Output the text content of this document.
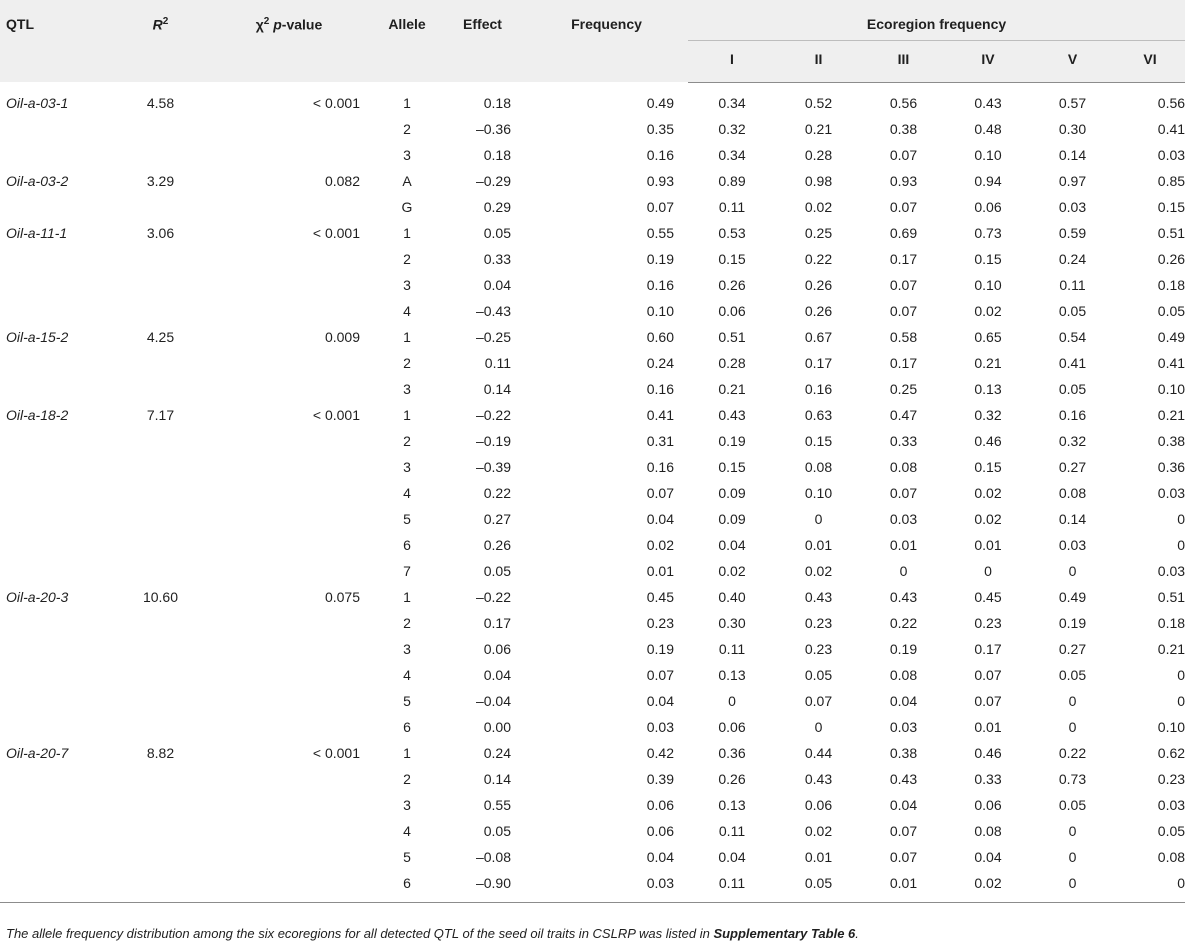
QTL	$R^2$	$\chi^2$ p-value	Allele	Effect	Frequency	Ecoregion frequency					
						I	II	III	IV	V	VI
Oil-a-03-1	4.58	< 0.001	1	0.18	0.49	0.34	0.52	0.56	0.43	0.57	0.56
			2	–0.36	0.35	0.32	0.21	0.38	0.48	0.30	0.41
			3	0.18	0.16	0.34	0.28	0.07	0.10	0.14	0.03
Oil-a-03-2	3.29	0.082	A	–0.29	0.93	0.89	0.98	0.93	0.94	0.97	0.85
			G	0.29	0.07	0.11	0.02	0.07	0.06	0.03	0.15
Oil-a-11-1	3.06	< 0.001	1	0.05	0.55	0.53	0.25	0.69	0.73	0.59	0.51
			2	0.33	0.19	0.15	0.22	0.17	0.15	0.24	0.26
			3	0.04	0.16	0.26	0.26	0.07	0.10	0.11	0.18
			4	–0.43	0.10	0.06	0.26	0.07	0.02	0.05	0.05
Oil-a-15-2	4.25	0.009	1	–0.25	0.60	0.51	0.67	0.58	0.65	0.54	0.49
			2	0.11	0.24	0.28	0.17	0.17	0.21	0.41	0.41
			3	0.14	0.16	0.21	0.16	0.25	0.13	0.05	0.10
Oil-a-18-2	7.17	< 0.001	1	–0.22	0.41	0.43	0.63	0.47	0.32	0.16	0.21
			2	–0.19	0.31	0.19	0.15	0.33	0.46	0.32	0.38
			3	–0.39	0.16	0.15	0.08	0.08	0.15	0.27	0.36
			4	0.22	0.07	0.09	0.10	0.07	0.02	0.08	0.03
			5	0.27	0.04	0.09	0	0.03	0.02	0.14	0
			6	0.26	0.02	0.04	0.01	0.01	0.01	0.03	0
			7	0.05	0.01	0.02	0.02	0	0	0	0.03
Oil-a-20-3	10.60	0.075	1	–0.22	0.45	0.40	0.43	0.43	0.45	0.49	0.51
			2	0.17	0.23	0.30	0.23	0.22	0.23	0.19	0.18
			3	0.06	0.19	0.11	0.23	0.19	0.17	0.27	0.21
			4	0.04	0.07	0.13	0.05	0.08	0.07	0.05	0
			5	–0.04	0.04	0	0.07	0.04	0.07	0	0
			6	0.00	0.03	0.06	0	0.03	0.01	0	0.10
Oil-a-20-7	8.82	< 0.001	1	0.24	0.42	0.36	0.44	0.38	0.46	0.22	0.62
			2	0.14	0.39	0.26	0.43	0.43	0.33	0.73	0.23
			3	0.55	0.06	0.13	0.06	0.04	0.06	0.05	0.03
			4	0.05	0.06	0.11	0.02	0.07	0.08	0	0.05
			5	–0.08	0.04	0.04	0.01	0.07	0.04	0	0.08
			6	–0.90	0.03	0.11	0.05	0.01	0.02	0	0
The allele frequency distribution among the six ecoregions for all detected QTL of the seed oil traits in CSLRP was listed in Supplementary Table 6.
